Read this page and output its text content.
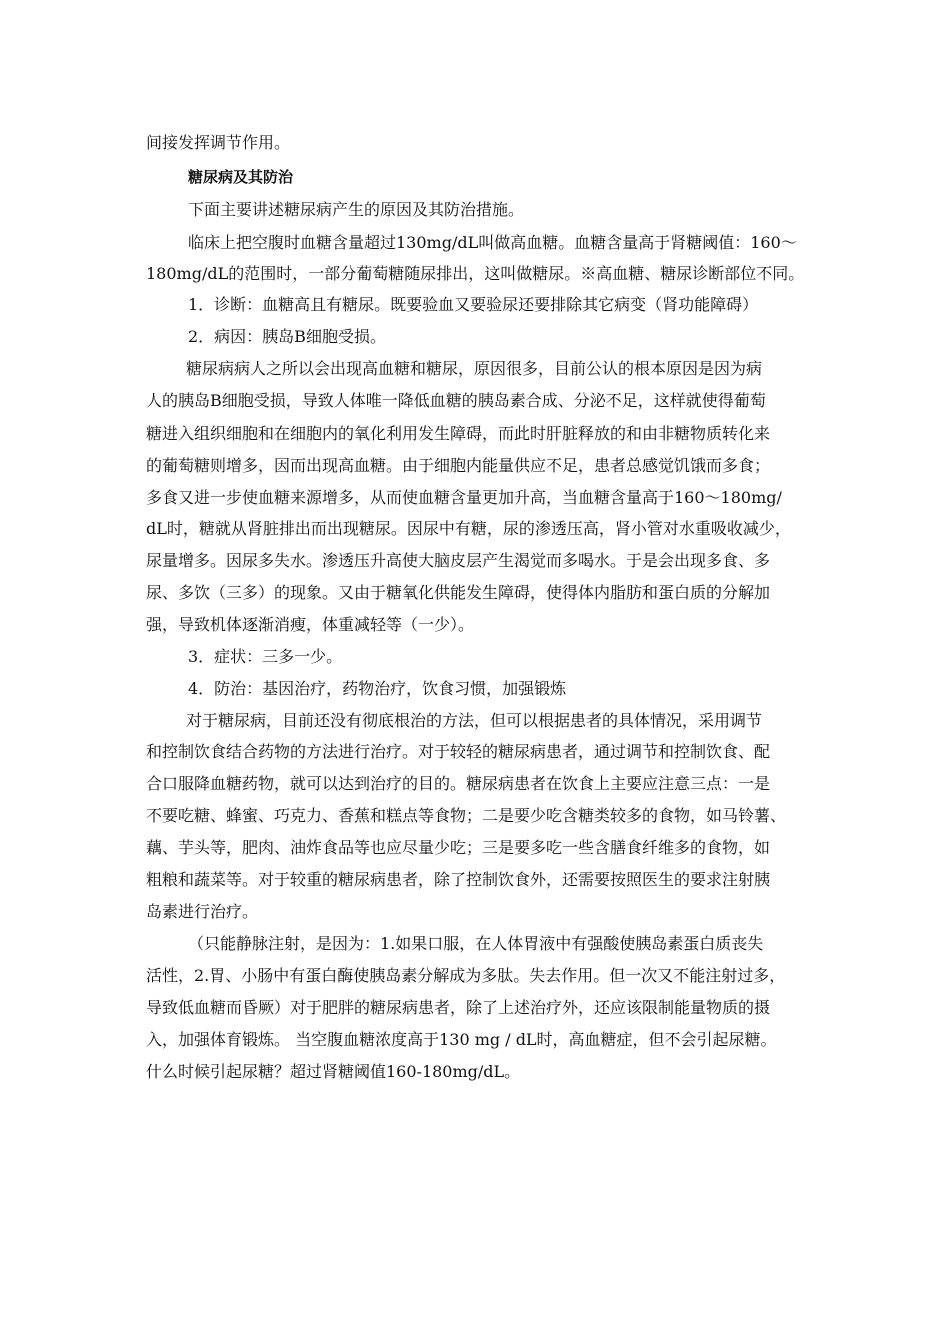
间接发挥调节作用。
糖尿病及其防治
下面主要讲述糖尿病产生的原因及其防治措施。
临床上把空腹时血糖含量超过130mg/dL叫做高血糖。血糖含量高于肾糖阈值：160～
180mg/dL的范围时，一部分葡萄糖随尿排出，这叫做糖尿。※高血糖、糖尿诊断部位不同。
1．诊断：血糖高且有糖尿。既要验血又要验尿还要排除其它病变（肾功能障碍）
2．病因：胰岛B细胞受损。
糖尿病病人之所以会出现高血糖和糖尿，原因很多，目前公认的根本原因是因为病
人的胰岛B细胞受损，导致人体唯一降低血糖的胰岛素合成、分泌不足，这样就使得葡萄
糖进入组织细胞和在细胞内的氧化利用发生障碍，而此时肝脏释放的和由非糖物质转化来
的葡萄糖则增多，因而出现高血糖。由于细胞内能量供应不足，患者总感觉饥饿而多食；
多食又进一步使血糖来源增多，从而使血糖含量更加升高，当血糖含量高于160～180mg/
dL时，糖就从肾脏排出而出现糖尿。因尿中有糖，尿的渗透压高，肾小管对水重吸收减少，
尿量增多。因尿多失水。渗透压升高使大脑皮层产生渴觉而多喝水。于是会出现多食、多
尿、多饮（三多）的现象。又由于糖氧化供能发生障碍，使得体内脂肪和蛋白质的分解加
强，导致机体逐渐消瘦，体重减轻等（一少）。
3．症状：三多一少。
4．防治：基因治疗，药物治疗，饮食习惯，加强锻炼
对于糖尿病，目前还没有彻底根治的方法，但可以根据患者的具体情况，采用调节
和控制饮食结合药物的方法进行治疗。对于较轻的糖尿病患者，通过调节和控制饮食、配
合口服降血糖药物，就可以达到治疗的目的。糖尿病患者在饮食上主要应注意三点：一是
不要吃糖、蜂蜜、巧克力、香蕉和糕点等食物；二是要少吃含糖类较多的食物，如马铃薯、
藕、芋头等，肥肉、油炸食品等也应尽量少吃；三是要多吃一些含膳食纤维多的食物，如
粗粮和蔬菜等。对于较重的糖尿病患者，除了控制饮食外，还需要按照医生的要求注射胰
岛素进行治疗。
（只能静脉注射，是因为：1.如果口服，在人体胃液中有强酸使胰岛素蛋白质丧失
活性，2.胃、小肠中有蛋白酶使胰岛素分解成为多肽。失去作用。但一次又不能注射过多，
导致低血糖而昏厥）对于肥胖的糖尿病患者，除了上述治疗外，还应该限制能量物质的摄
入，加强体育锻炼。 当空腹血糖浓度高于130 mg / dL时，高血糖症，但不会引起尿糖。
什么时候引起尿糖？超过肾糖阈值160-180mg/dL。
